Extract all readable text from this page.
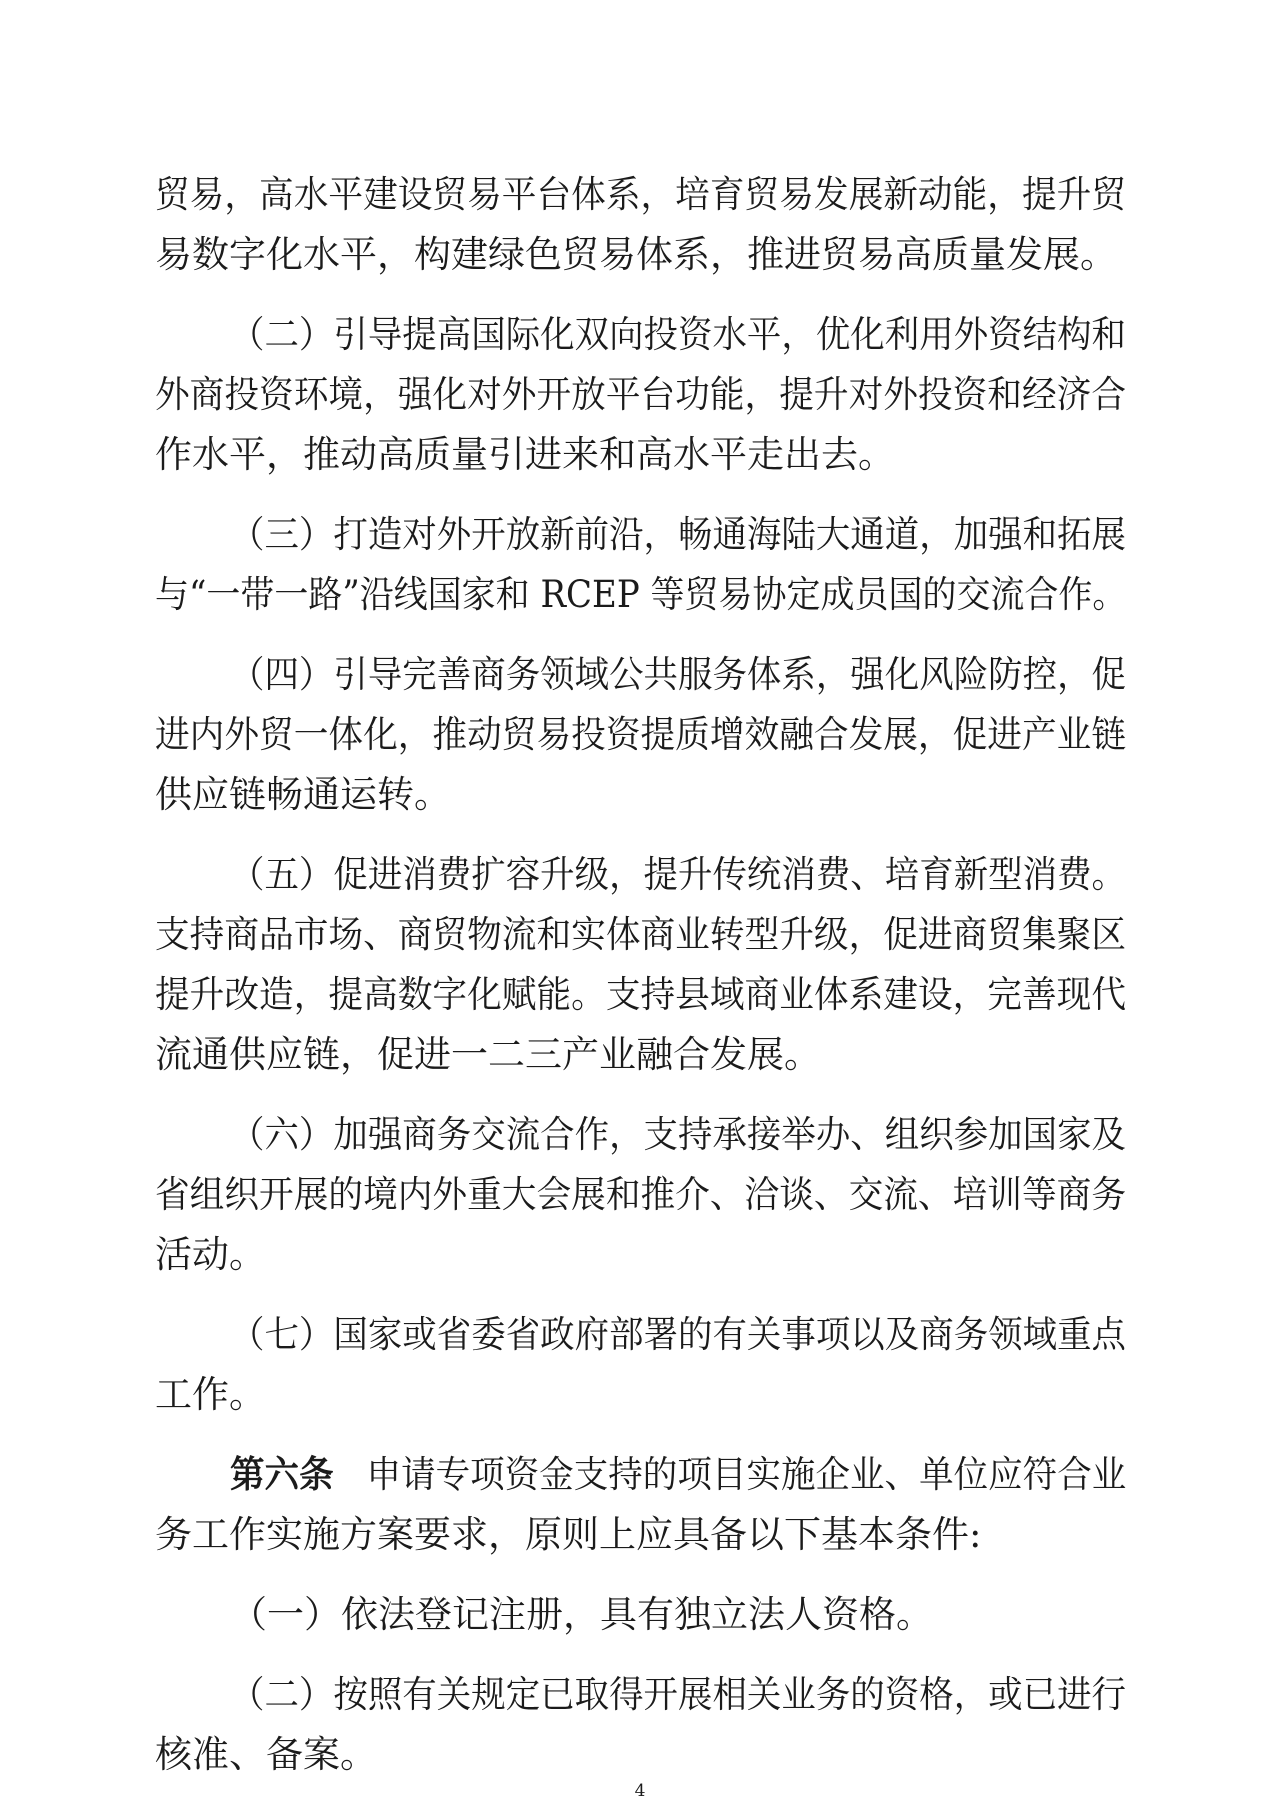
贸易，高水平建设贸易平台体系，培育贸易发展新动能，提升贸
易数字化水平，构建绿色贸易体系，推进贸易高质量发展。
（二）引导提高国际化双向投资水平，优化利用外资结构和
外商投资环境，强化对外开放平台功能，提升对外投资和经济合
作水平，推动高质量引进来和高水平走出去。
（三）打造对外开放新前沿，畅通海陆大通道，加强和拓展
与“一带一路”沿线国家和 RCEP 等贸易协定成员国的交流合作。
（四）引导完善商务领域公共服务体系，强化风险防控，促
进内外贸一体化，推动贸易投资提质增效融合发展，促进产业链
供应链畅通运转。
（五）促进消费扩容升级，提升传统消费、培育新型消费。
支持商品市场、商贸物流和实体商业转型升级，促进商贸集聚区
提升改造，提高数字化赋能。支持县域商业体系建设，完善现代
流通供应链，促进一二三产业融合发展。
（六）加强商务交流合作，支持承接举办、组织参加国家及
省组织开展的境内外重大会展和推介、洽谈、交流、培训等商务
活动。
（七）国家或省委省政府部署的有关事项以及商务领域重点
工作。
第六条 申请专项资金支持的项目实施企业、单位应符合业
务工作实施方案要求，原则上应具备以下基本条件:
（一）依法登记注册，具有独立法人资格。
（二）按照有关规定已取得开展相关业务的资格，或已进行
核准、备案。
4
